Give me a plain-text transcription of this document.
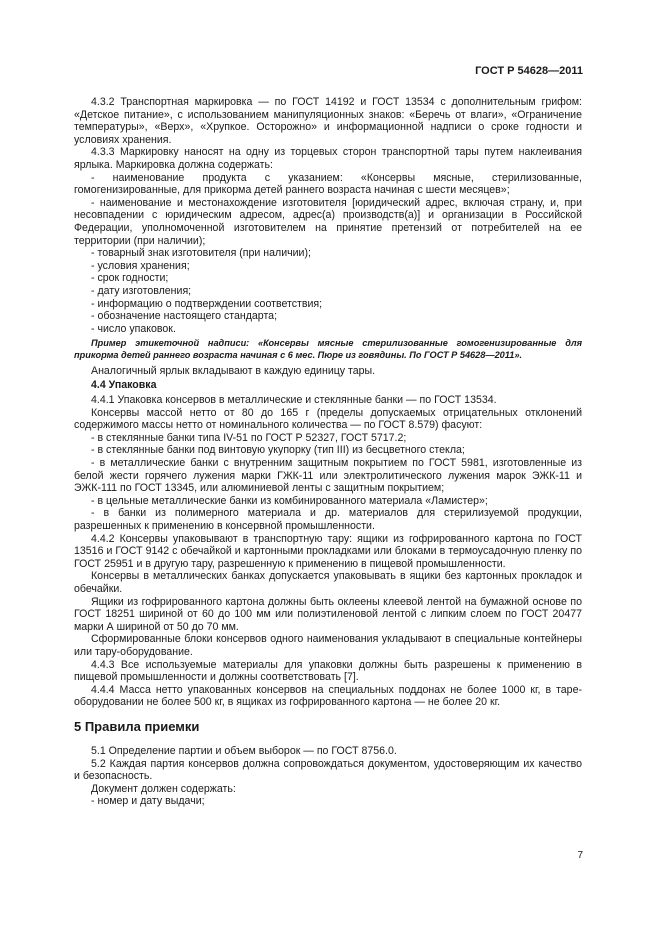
ГОСТ Р 54628—2011

4.3.2 Транспортная маркировка — по ГОСТ 14192 и ГОСТ 13534 с дополнительным грифом: «Детское питание», с использованием манипуляционных знаков: «Беречь от влаги», «Ограничение температуры», «Верх», «Хрупкое. Осторожно» и информационной надписи о сроке годности и условиях хранения.

4.3.3 Маркировку наносят на одну из торцевых сторон транспортной тары путем наклеивания ярлыка. Маркировка должна содержать:

- наименование продукта с указанием: «Консервы мясные, стерилизованные, гомогенизированные, для прикорма детей раннего возраста начиная с шести месяцев»;

- наименование и местонахождение изготовителя [юридический адрес, включая страну, и, при несовпадении с юридическим адресом, адрес(а) производств(а)] и организации в Российской Федерации, уполномоченной изготовителем на принятие претензий от потребителей на ее территории (при наличии);

- товарный знак изготовителя (при наличии);

- условия хранения;

- срок годности;

- дату изготовления;

- информацию о подтверждении соответствия;

- обозначение настоящего стандарта;

- число упаковок.

Пример этикеточной надписи: «Консервы мясные стерилизованные гомогенизированные для прикорма детей раннего возраста начиная с 6 мес. Пюре из говядины. По ГОСТ Р 54628—2011».

Аналогичный ярлык вкладывают в каждую единицу тары.

4.4 Упаковка

4.4.1 Упаковка консервов в металлические и стеклянные банки — по ГОСТ 13534.

Консервы массой нетто от 80 до 165 г (пределы допускаемых отрицательных отклонений содержимого массы нетто от номинального количества — по ГОСТ 8.579) фасуют:

- в стеклянные банки типа IV-51 по ГОСТ Р 52327, ГОСТ 5717.2;

- в стеклянные банки под винтовую укупорку (тип III) из бесцветного стекла;

- в металлические банки с внутренним защитным покрытием по ГОСТ 5981, изготовленные из белой жести горячего лужения марки ГЖК-11 или электролитического лужения марок ЭЖК-11 и ЭЖК-111 по ГОСТ 13345, или алюминиевой ленты с защитным покрытием;

- в цельные металлические банки из комбинированного материала «Ламистер»;

- в банки из полимерного материала и др. материалов для стерилизуемой продукции, разрешенных к применению в консервной промышленности.

4.4.2 Консервы упаковывают в транспортную тару: ящики из гофрированного картона по ГОСТ 13516 и ГОСТ 9142 с обечайкой и картонными прокладками или блоками в термоусадочную пленку по ГОСТ 25951 и в другую тару, разрешенную к применению в пищевой промышленности.

Консервы в металлических банках допускается упаковывать в ящики без картонных прокладок и обечайки.

Ящики из гофрированного картона должны быть оклеены клеевой лентой на бумажной основе по ГОСТ 18251 шириной от 60 до 100 мм или полиэтиленовой лентой с липким слоем по ГОСТ 20477 марки А шириной от 50 до 70 мм.

Сформированные блоки консервов одного наименования укладывают в специальные контейнеры или тару-оборудование.

4.4.3 Все используемые материалы для упаковки должны быть разрешены к применению в пищевой промышленности и должны соответствовать [7].

4.4.4 Масса нетто упакованных консервов на специальных поддонах не более 1000 кг, в таре-оборудовании не более 500 кг, в ящиках из гофрированного картона — не более 20 кг.

5 Правила приемки

5.1 Определение партии и объем выборок — по ГОСТ 8756.0.

5.2 Каждая партия консервов должна сопровождаться документом, удостоверяющим их качество и безопасность.

Документ должен содержать:

- номер и дату выдачи;

7
